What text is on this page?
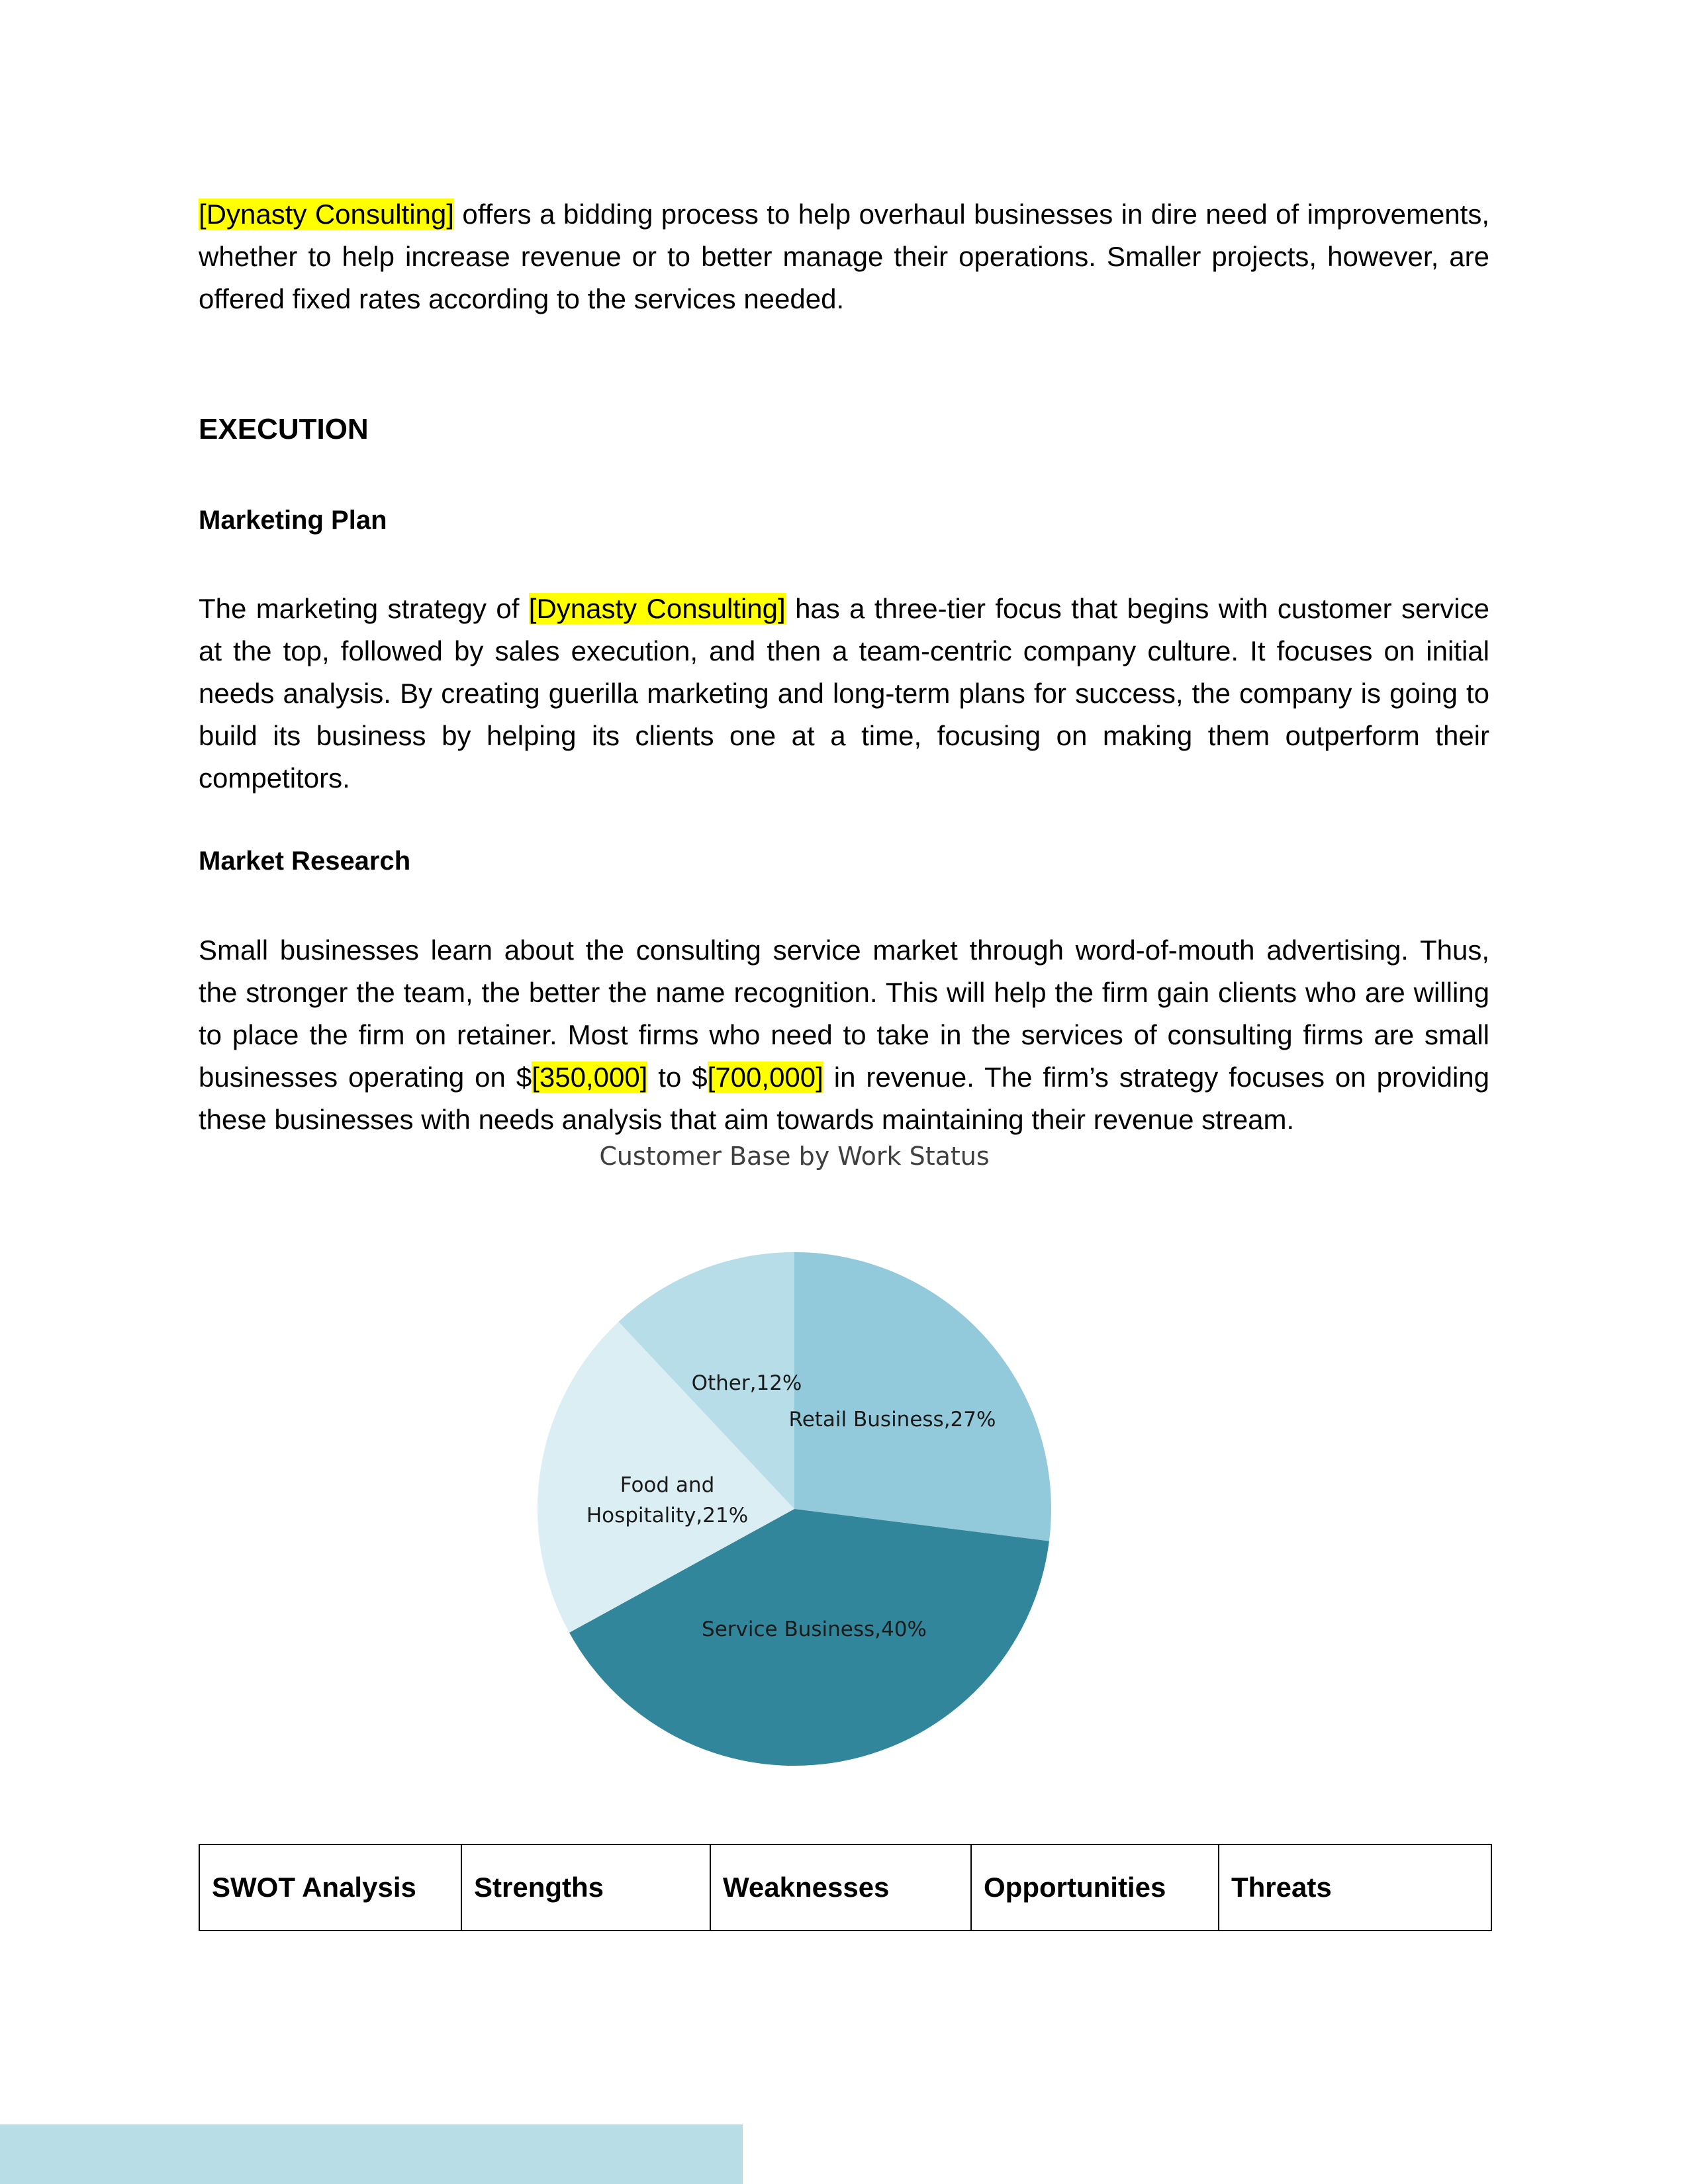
[Dynasty Consulting] offers a bidding process to help overhaul businesses in dire need of improvements, whether to help increase revenue or to better manage their operations. Smaller projects, however, are offered fixed rates according to the services needed.

EXECUTION
Marketing Plan

The marketing strategy of [Dynasty Consulting] has a three-tier focus that begins with customer service at the top, followed by sales execution, and then a team-centric company culture. It focuses on initial needs analysis. By creating guerilla marketing and long-term plans for success, the company is going to build its business by helping its clients one at a time, focusing on making them outperform their competitors.

Market Research

Small businesses learn about the consulting service market through word-of-mouth advertising. Thus, the stronger the team, the better the name recognition. This will help the firm gain clients who are willing to place the firm on retainer. Most firms who need to take in the services of consulting firms are small businesses operating on $[350,000] to $[700,000] in revenue. The firm’s strategy focuses on providing these businesses with needs analysis that aim towards maintaining their revenue stream.

Customer Base by Work Status
Retail Business,27%
Service Business,40%
Food and Hospitality,21%
Other,12%
SWOT Analysis	Strengths	Weaknesses	Opportunities	Threats
